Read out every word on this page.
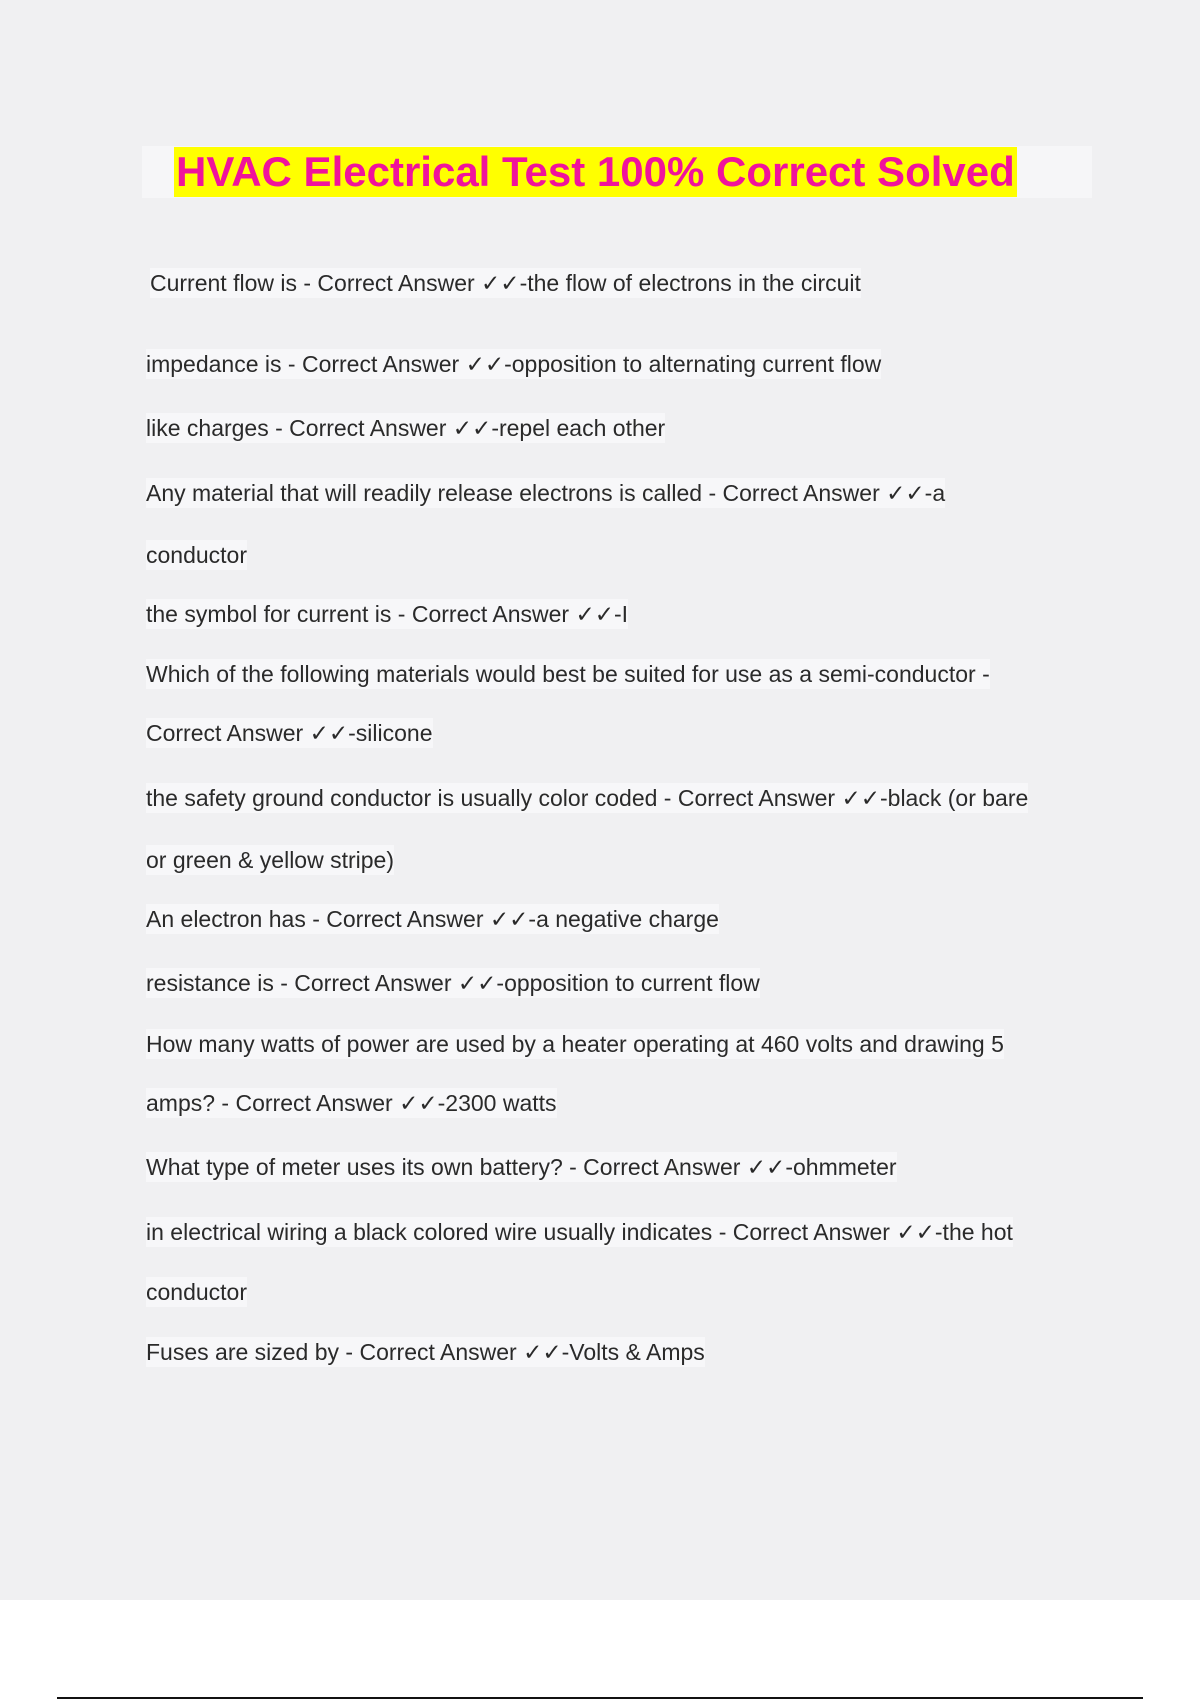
HVAC Electrical Test 100% Correct Solved
Current flow is - Correct Answer ✓✓-the flow of electrons in the circuit
impedance is - Correct Answer ✓✓-opposition to alternating current flow
like charges - Correct Answer ✓✓-repel each other
Any material that will readily release electrons is called - Correct Answer ✓✓-a
conductor
the symbol for current is - Correct Answer ✓✓-I
Which of the following materials would best be suited for use as a semi-conductor -
Correct Answer ✓✓-silicone
the safety ground conductor is usually color coded - Correct Answer ✓✓-black (or bare
or green & yellow stripe)
An electron has - Correct Answer ✓✓-a negative charge
resistance is - Correct Answer ✓✓-opposition to current flow
How many watts of power are used by a heater operating at 460 volts and drawing 5
amps? - Correct Answer ✓✓-2300 watts
What type of meter uses its own battery? - Correct Answer ✓✓-ohmmeter
in electrical wiring a black colored wire usually indicates - Correct Answer ✓✓-the hot
conductor
Fuses are sized by - Correct Answer ✓✓-Volts & Amps
